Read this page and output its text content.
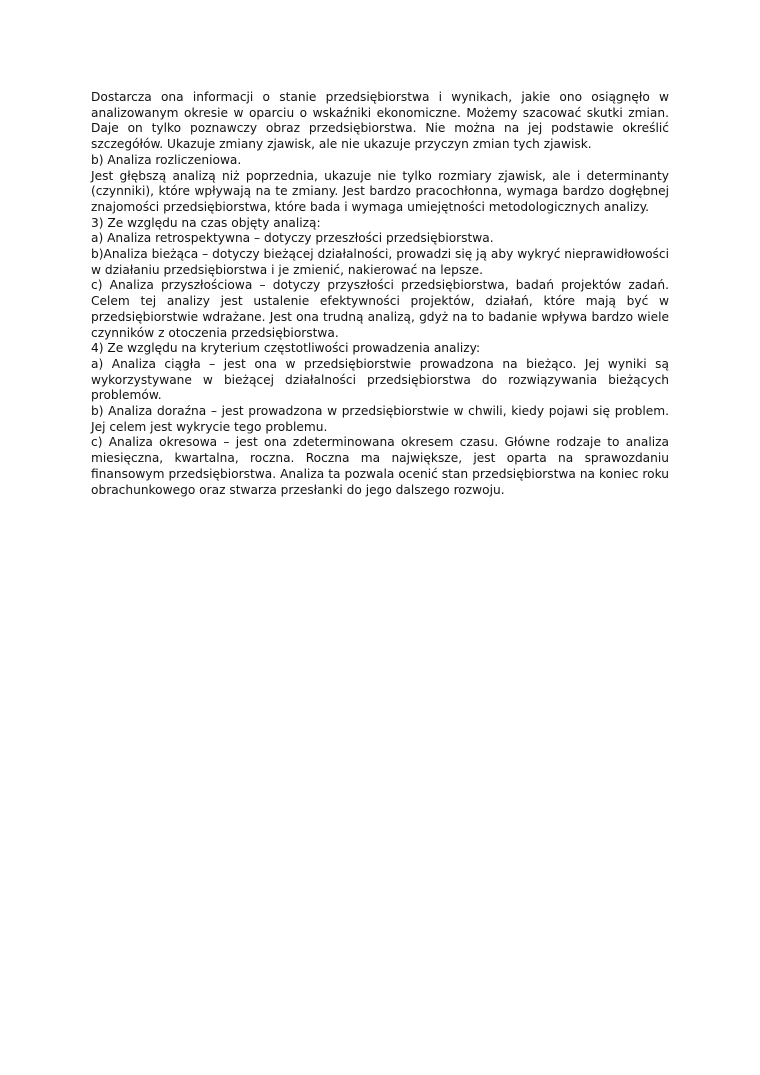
Dostarcza ona informacji o stanie przedsiębiorstwa i wynikach, jakie ono osiągnęło w analizowanym okresie w oparciu o wskaźniki ekonomiczne. Możemy szacować skutki zmian. Daje on tylko poznawczy obraz przedsiębiorstwa. Nie można na jej podstawie określić szczegółów. Ukazuje zmiany zjawisk, ale nie ukazuje przyczyn zmian tych zjawisk.

b) Analiza rozliczeniowa.

Jest głębszą analizą niż poprzednia, ukazuje nie tylko rozmiary zjawisk, ale i determinanty (czynniki), które wpływają na te zmiany. Jest bardzo pracochłonna, wymaga bardzo dogłębnej znajomości przedsiębiorstwa, które bada i wymaga umiejętności metodologicznych analizy.

3) Ze względu na czas objęty analizą:

a) Analiza retrospektywna – dotyczy przeszłości przedsiębiorstwa.

b)Analiza bieżąca – dotyczy bieżącej działalności, prowadzi się ją aby wykryć nieprawidłowości w działaniu przedsiębiorstwa i je zmienić, nakierować na lepsze.

c) Analiza przyszłościowa – dotyczy przyszłości przedsiębiorstwa, badań projektów zadań. Celem tej analizy jest ustalenie efektywności projektów, działań, które mają być w przedsiębiorstwie wdrażane. Jest ona trudną analizą, gdyż na to badanie wpływa bardzo wiele czynników z otoczenia przedsiębiorstwa.

4) Ze względu na kryterium częstotliwości prowadzenia analizy:

a) Analiza ciągła – jest ona w przedsiębiorstwie prowadzona na bieżąco. Jej wyniki są wykorzystywane w bieżącej działalności przedsiębiorstwa do rozwiązywania bieżących problemów.

b) Analiza doraźna – jest prowadzona w przedsiębiorstwie w chwili, kiedy pojawi się problem. Jej celem jest wykrycie tego problemu.

c) Analiza okresowa – jest ona zdeterminowana okresem czasu. Główne rodzaje to analiza miesięczna, kwartalna, roczna. Roczna ma największe, jest oparta na sprawozdaniu finansowym przedsiębiorstwa. Analiza ta pozwala ocenić stan przedsiębiorstwa na koniec roku obrachunkowego oraz stwarza przesłanki do jego dalszego rozwoju.
